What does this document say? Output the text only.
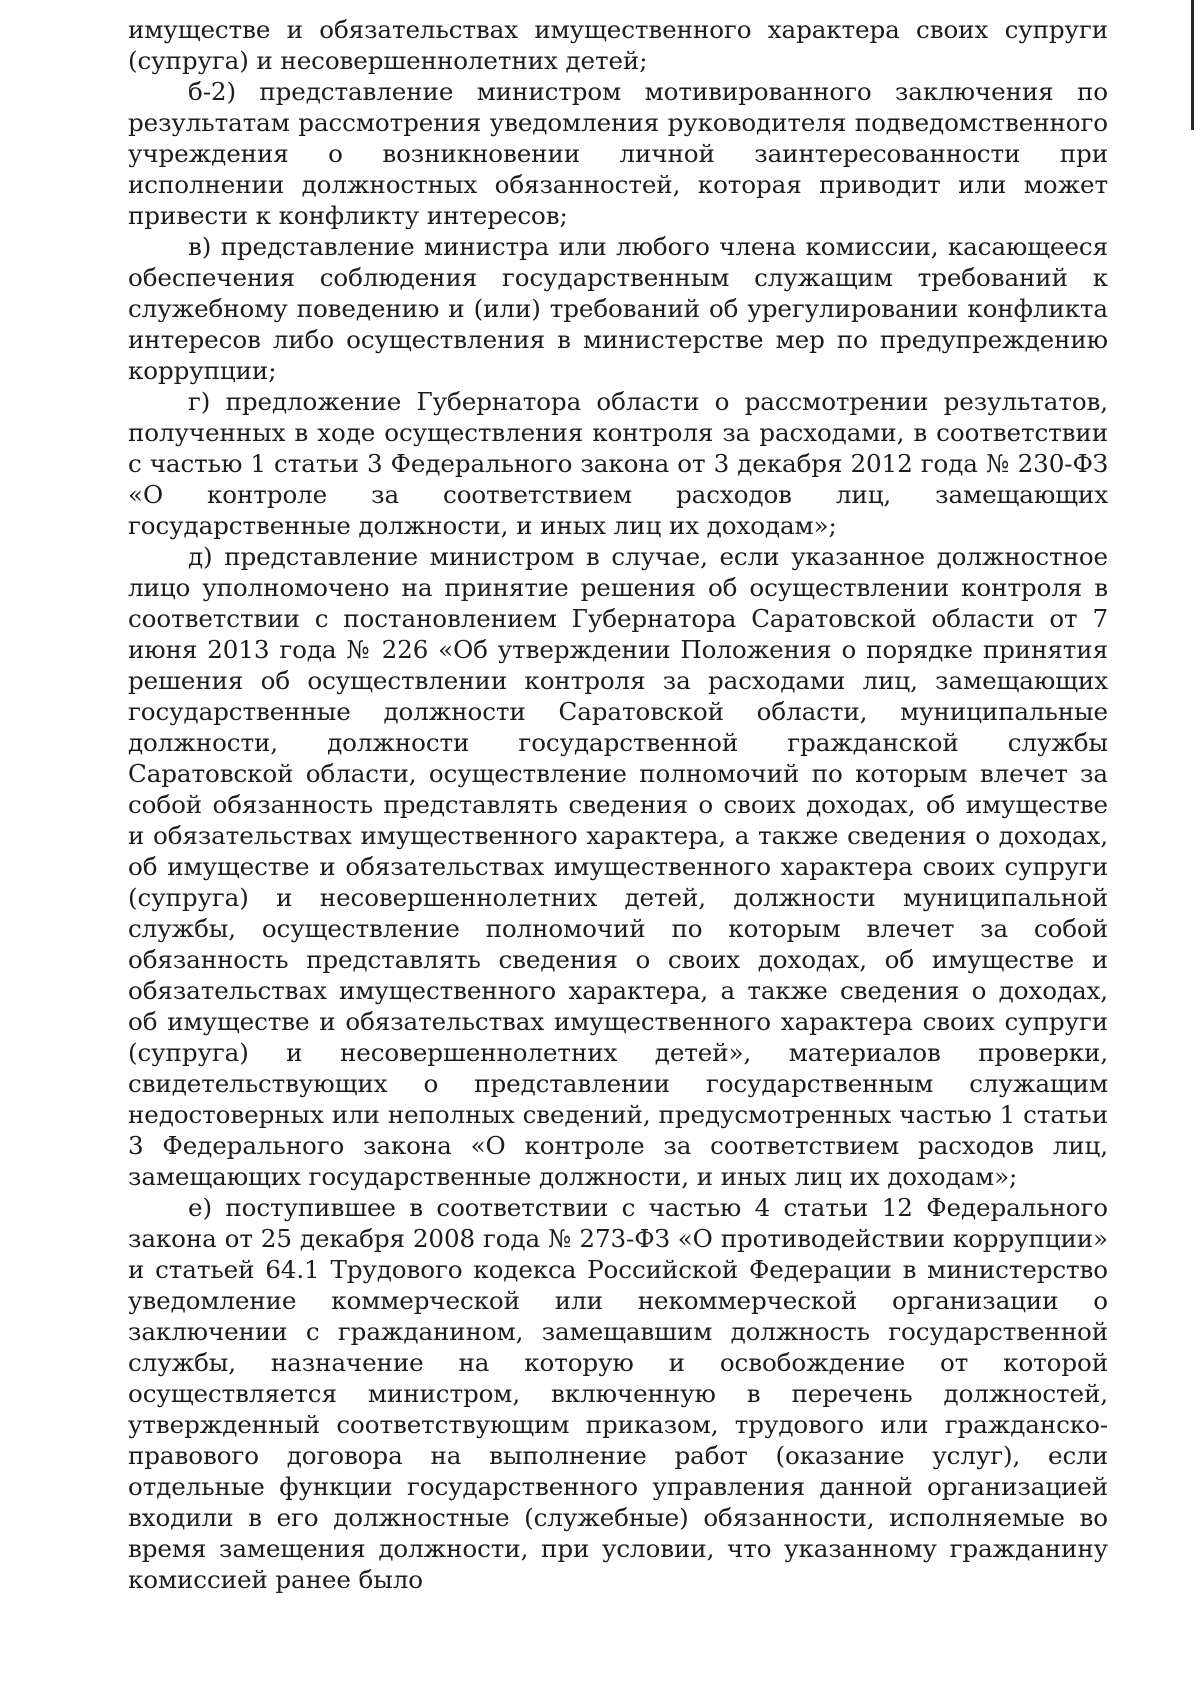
имуществе и обязательствах имущественного характера своих супруги (супруга) и несовершеннолетних детей;

б-2) представление министром мотивированного заключения по результатам рассмотрения уведомления руководителя подведомственного учреждения о возникновении личной заинтересованности при исполнении должностных обязанностей, которая приводит или может привести к конфликту интересов;

в) представление министра или любого члена комиссии, касающееся обеспечения соблюдения государственным служащим требований к служебному поведению и (или) требований об урегулировании конфликта интересов либо осуществления в министерстве мер по предупреждению коррупции;

г) предложение Губернатора области о рассмотрении результатов, полученных в ходе осуществления контроля за расходами, в соответствии с частью 1 статьи 3 Федерального закона от 3 декабря 2012 года № 230-ФЗ «О контроле за соответствием расходов лиц, замещающих государственные должности, и иных лиц их доходам»;

д) представление министром в случае, если указанное должностное лицо уполномочено на принятие решения об осуществлении контроля в соответствии с постановлением Губернатора Саратовской области от 7 июня 2013 года № 226 «Об утверждении Положения о порядке принятия решения об осуществлении контроля за расходами лиц, замещающих государственные должности Саратовской области, муниципальные должности, должности государственной гражданской службы Саратовской области, осуществление полномочий по которым влечет за собой обязанность представлять сведения о своих доходах, об имуществе и обязательствах имущественного характера, а также сведения о доходах, об имуществе и обязательствах имущественного характера своих супруги (супруга) и несовершеннолетних детей, должности муниципальной службы, осуществление полномочий по которым влечет за собой обязанность представлять сведения о своих доходах, об имуществе и обязательствах имущественного характера, а также сведения о доходах, об имуществе и обязательствах имущественного характера своих супруги (супруга) и несовершеннолетних детей», материалов проверки, свидетельствующих о представлении государственным служащим недостоверных или неполных сведений, предусмотренных частью 1 статьи 3 Федерального закона «О контроле за соответствием расходов лиц, замещающих государственные должности, и иных лиц их доходам»;

е) поступившее в соответствии с частью 4 статьи 12 Федерального закона от 25 декабря 2008 года № 273-ФЗ «О противодействии коррупции» и статьей 64.1 Трудового кодекса Российской Федерации в министерство уведомление коммерческой или некоммерческой организации о заключении с гражданином, замещавшим должность государственной службы, назначение на которую и освобождение от которой осуществляется министром, включенную в перечень должностей, утвержденный соответствующим приказом, трудового или гражданско-правового договора на выполнение работ (оказание услуг), если отдельные функции государственного управления данной организацией входили в его должностные (служебные) обязанности, исполняемые во время замещения должности, при условии, что указанному гражданину комиссией ранее было
